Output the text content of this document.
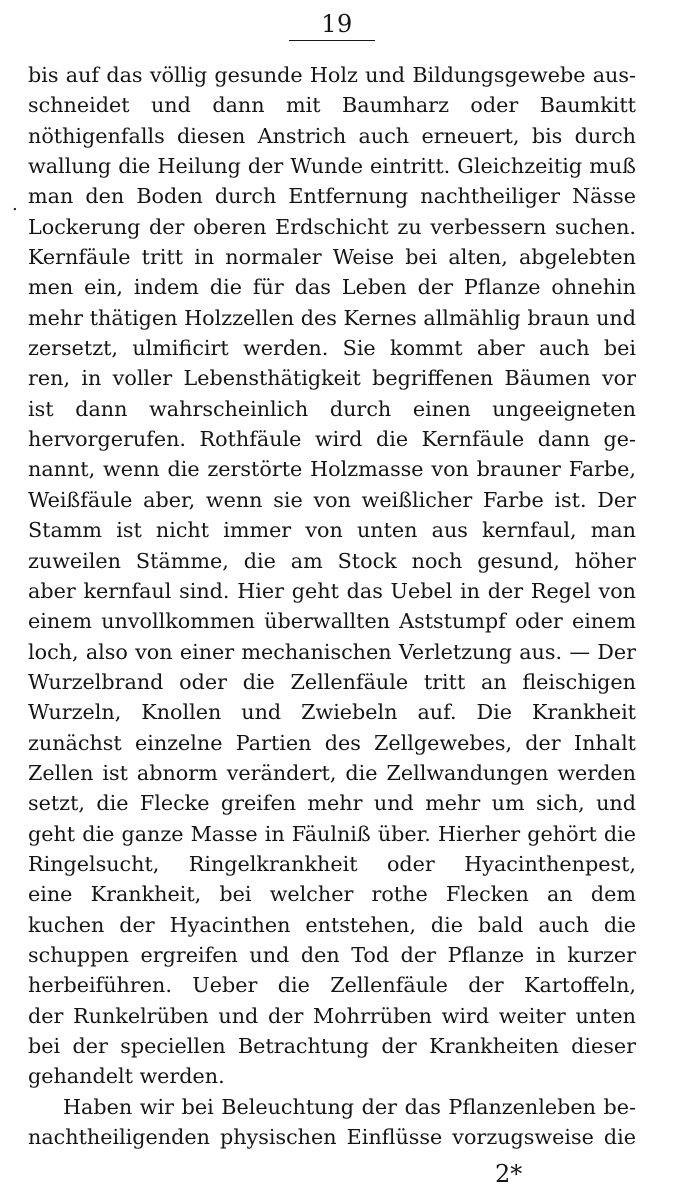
19
.
bis auf das völlig gesunde Holz und Bildungsgewebe aus-
schneidet und dann mit Baumharz oder Baumkitt
nöthigenfalls diesen Anstrich auch erneuert, bis durch
wallung die Heilung der Wunde eintritt. Gleichzeitig muß
man den Boden durch Entfernung nachtheiliger Nässe
Lockerung der oberen Erdschicht zu verbessern suchen.
Kernfäule tritt in normaler Weise bei alten, abgelebten
men ein, indem die für das Leben der Pflanze ohnehin
mehr thätigen Holzzellen des Kernes allmählig braun und
zersetzt, ulmificirt werden. Sie kommt aber auch bei
ren, in voller Lebensthätigkeit begriffenen Bäumen vor
ist dann wahrscheinlich durch einen ungeeigneten
hervorgerufen. Rothfäule wird die Kernfäule dann ge-
nannt, wenn die zerstörte Holzmasse von brauner Farbe,
Weißfäule aber, wenn sie von weißlicher Farbe ist. Der
Stamm ist nicht immer von unten aus kernfaul, man
zuweilen Stämme, die am Stock noch gesund, höher
aber kernfaul sind. Hier geht das Uebel in der Regel von
einem unvollkommen überwallten Aststumpf oder einem
loch, also von einer mechanischen Verletzung aus. — Der
Wurzelbrand oder die Zellenfäule tritt an fleischigen
Wurzeln, Knollen und Zwiebeln auf. Die Krankheit
zunächst einzelne Partien des Zellgewebes, der Inhalt
Zellen ist abnorm verändert, die Zellwandungen werden
setzt, die Flecke greifen mehr und mehr um sich, und
geht die ganze Masse in Fäulniß über. Hierher gehört die
Ringelsucht, Ringelkrankheit oder Hyacinthenpest,
eine Krankheit, bei welcher rothe Flecken an dem
kuchen der Hyacinthen entstehen, die bald auch die
schuppen ergreifen und den Tod der Pflanze in kurzer
herbeiführen. Ueber die Zellenfäule der Kartoffeln,
der Runkelrüben und der Mohrrüben wird weiter unten
bei der speciellen Betrachtung der Krankheiten dieser
gehandelt werden.
Haben wir bei Beleuchtung der das Pflanzenleben be-
nachtheiligenden physischen Einflüsse vorzugsweise die
2*
